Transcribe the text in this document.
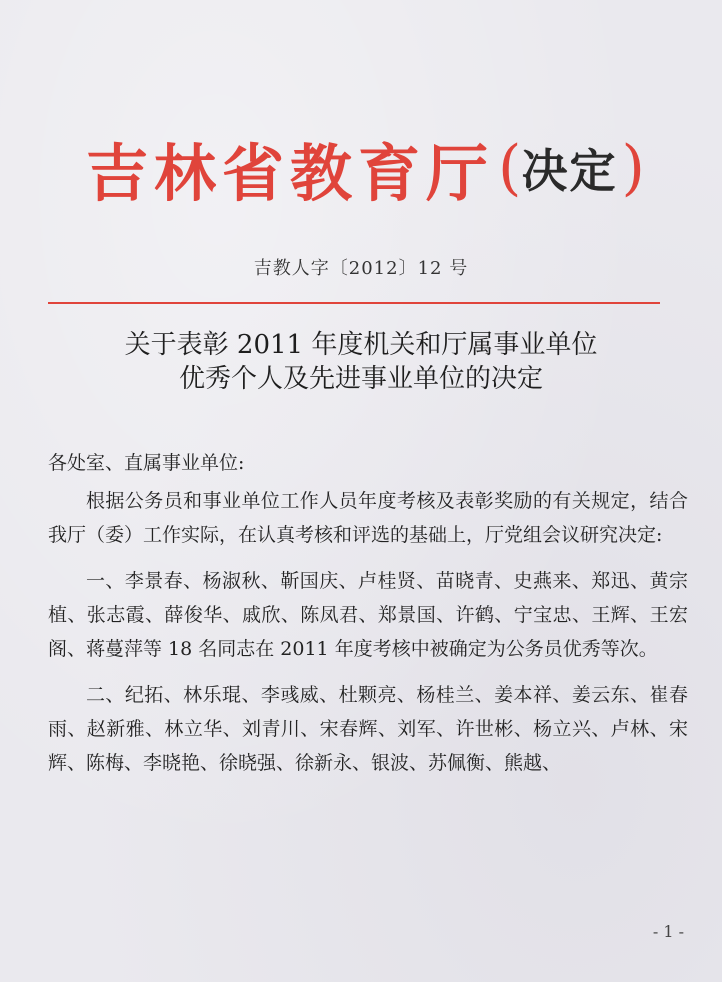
吉林省教育厅 ( 决定 )
吉教人字〔2012〕12 号
关于表彰 2011 年度机关和厅属事业单位
优秀个人及先进事业单位的决定

各处室、直属事业单位:

根据公务员和事业单位工作人员年度考核及表彰奖励的有关规定，结合我厅（委）工作实际，在认真考核和评选的基础上，厅党组会议研究决定:

一、李景春、杨淑秋、靳国庆、卢桂贤、苗晓青、史燕来、郑迅、黄宗植、张志霞、薛俊华、戚欣、陈凤君、郑景国、许鹤、宁宝忠、王辉、王宏阁、蒋蔓萍等 18 名同志在 2011 年度考核中被确定为公务员优秀等次。

二、纪拓、林乐琨、李彧威、杜颗亮、杨桂兰、姜本祥、姜云东、崔春雨、赵新雅、林立华、刘青川、宋春辉、刘军、许世彬、杨立兴、卢林、宋辉、陈梅、李晓艳、徐晓强、徐新永、银波、苏佩衡、熊越、

- 1 -
